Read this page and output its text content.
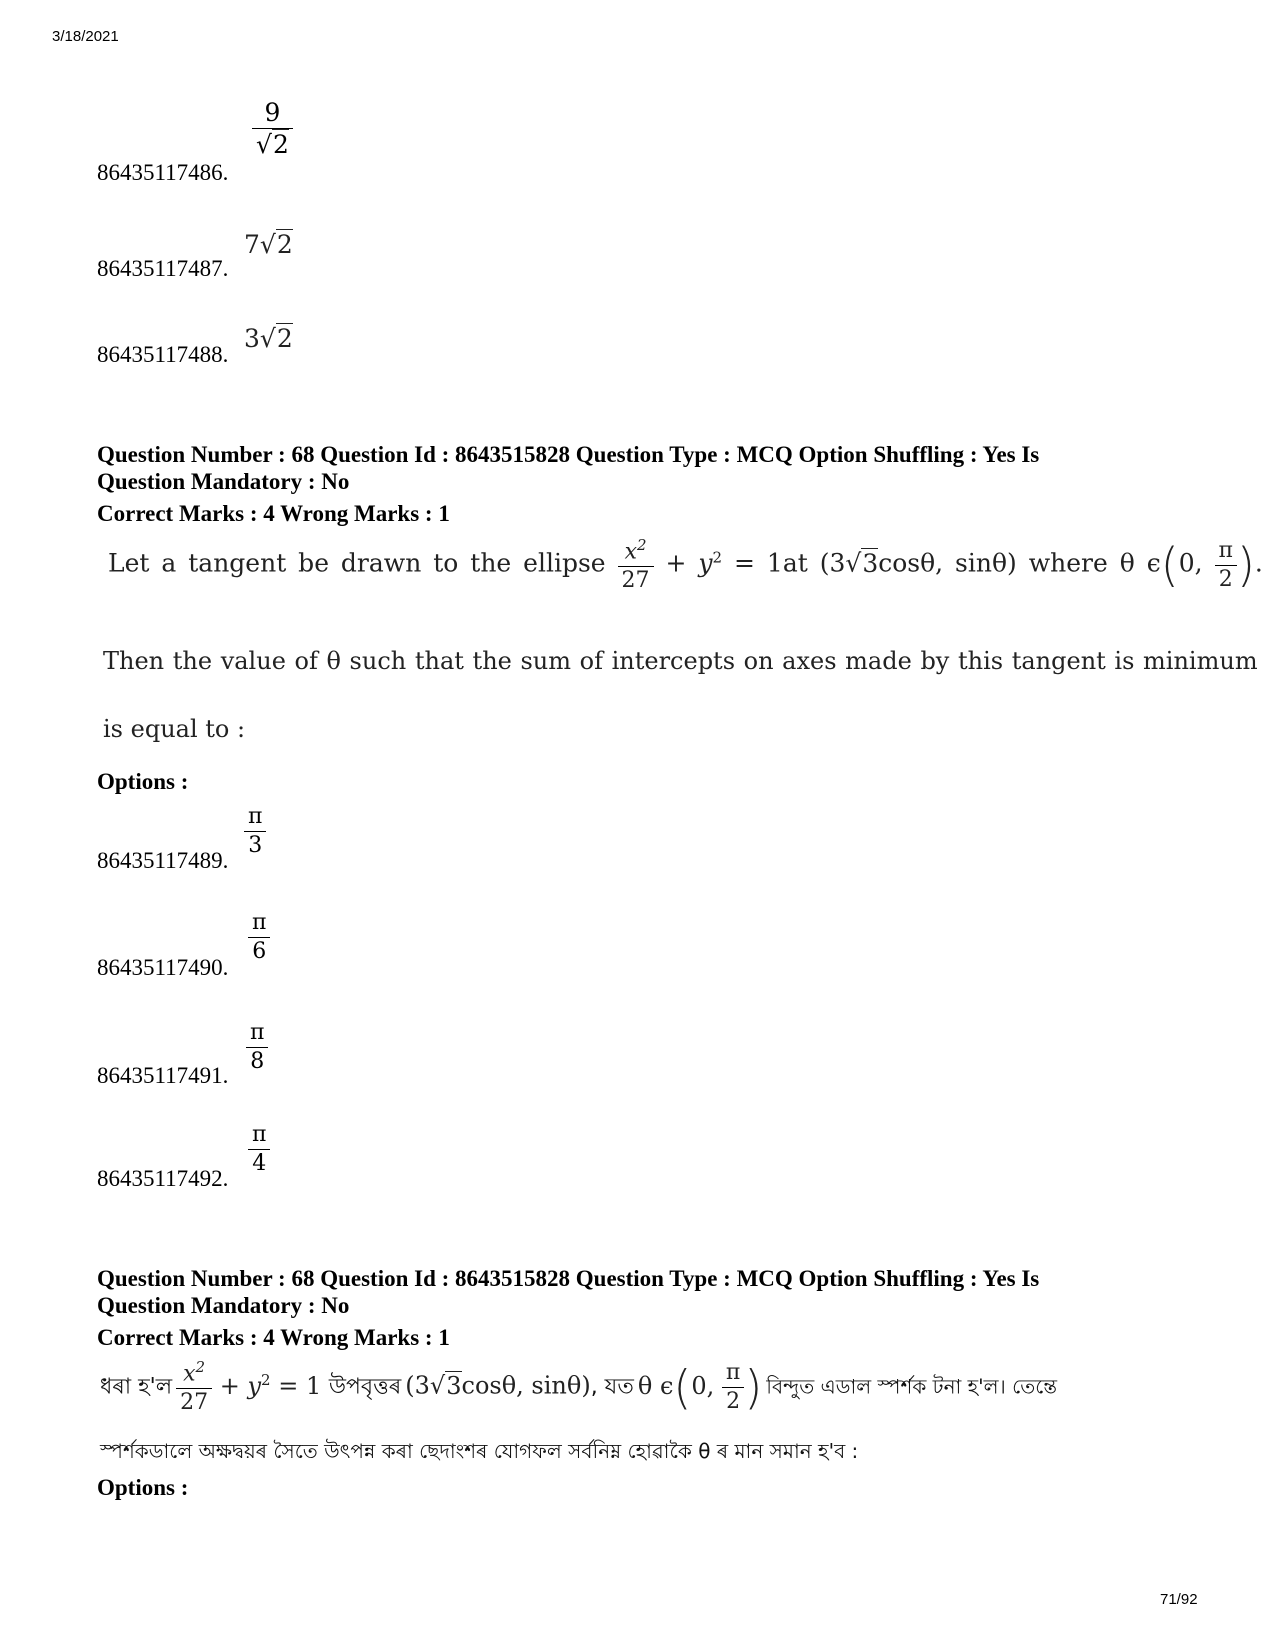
3/18/2021
86435117486.
$\frac{9}{√2}$
86435117487.
7√2
86435117488.
3√2
Question Number : 68 Question Id : 8643515828 Question Type : MCQ Option Shuffling : Yes Is
Question Mandatory : No
Correct Marks : 4 Wrong Marks : 1
Let a tangent be drawn to the ellipse $\frac{x^2}{27} + y^2 = 1at$ (3√3cosθ, sinθ) where θ ϵ(0, $\frac{\pi}{2}$ ).
Then the value of θ such that the sum of intercepts on axes made by this tangent is minimum
is equal to :
Options :
86435117489.
$\frac{\pi}{3}$
86435117490.
$\frac{\pi}{6}$
86435117491.
$\frac{\pi}{8}$
86435117492.
$\frac{\pi}{4}$
Question Number : 68 Question Id : 8643515828 Question Type : MCQ Option Shuffling : Yes Is
Question Mandatory : No
Correct Marks : 4 Wrong Marks : 1
ধৰা হ'ল $\frac{x^2}{27} + y^2 = 1$ উপবৃত্তৰ (3√3cosθ, sinθ), যত θ ϵ(0, $\frac{\pi}{2}$ ) বিন্দুত এডাল স্পৰ্শক টনা হ'ল। তেন্তে
স্পৰ্শকডালে অক্ষদ্বয়ৰ সৈতে উৎপন্ন কৰা ছেদাংশৰ যোগফল সৰ্বনিম্ন হোৱাকৈ θ ৰ মান সমান হ'ব :
Options :
71/92
